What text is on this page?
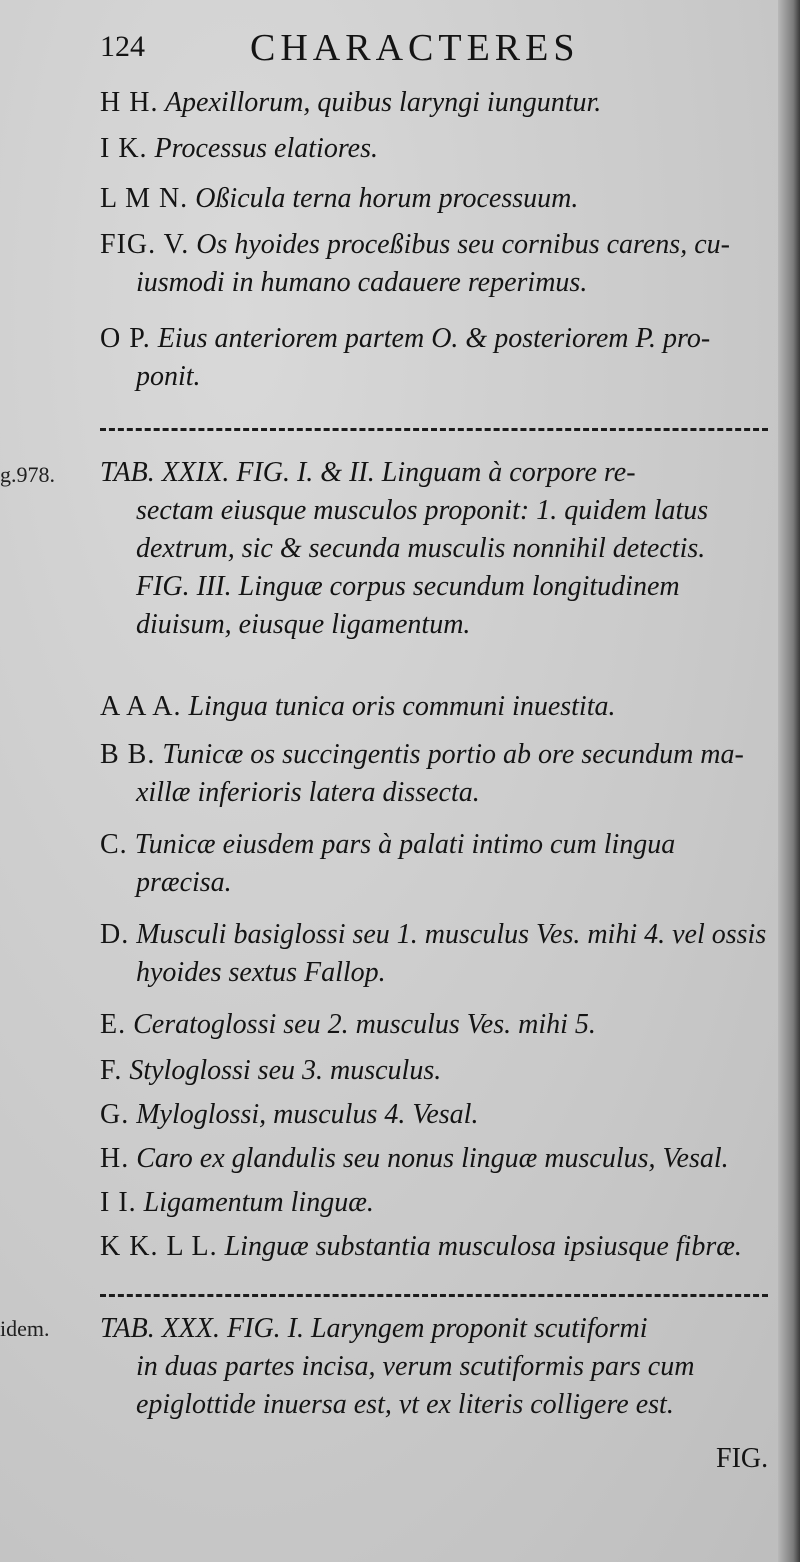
124	CHARACTERES
H H. Apexillorum, quibus laryngi iunguntur.
I K. Processus elatiores.
L M N. Oßicula terna horum processuum.
FIG. V. Os hyoides proceßibus seu cornibus carens, cu-
iusmodi in humano cadauere reperimus.
O P. Eius anteriorem partem O. & posteriorem P. pro-
ponit.
g.978. TAB. XXIX. FIG. I. & II. Linguam à corpore re-
sectam eiusque musculos proponit: 1. quidem latus
dextrum, sic & secunda musculis nonnihil detectis.
FIG. III. Linguæ corpus secundum longitudinem
diuisum, eiusque ligamentum.
A A A. Lingua tunica oris communi inuestita.
B B. Tunicæ os succingentis portio ab ore secundum ma-
xillæ inferioris latera dissecta.
C. Tunicæ eiusdem pars à palati intimo cum lingua
præcisa.
D. Musculi basiglossi seu 1. musculus Ves. mihi 4. vel ossis
hyoides sextus Fallop.
E. Ceratoglossi seu 2. musculus Ves. mihi 5.
F. Styloglossi seu 3. musculus.
G. Myloglossi, musculus 4. Vesal.
H. Caro ex glandulis seu nonus linguæ musculus, Vesal.
I I. Ligamentum linguæ.
K K. L L. Linguæ substantia musculosa ipsiusque fibræ.
idem. TAB. XXX. FIG. I. Laryngem proponit scutiformi
in duas partes incisa, verum scutiformis pars cum
epiglottide inuersa est, vt ex literis colligere est.
FIG.
